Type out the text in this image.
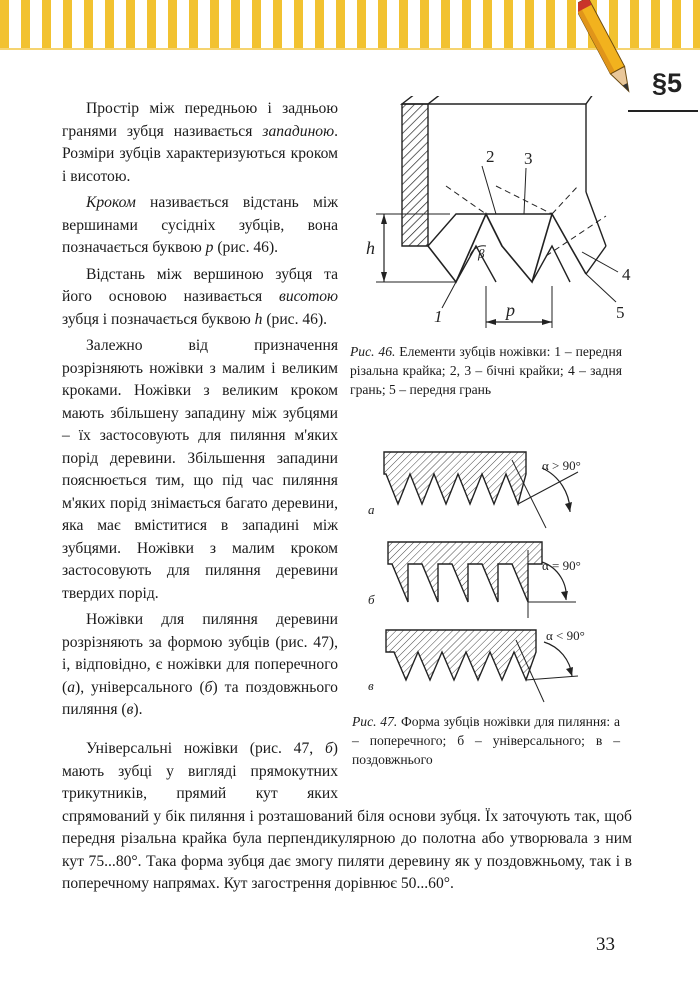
§5

Простір між передньою і задньою гранями зубця називається западиною. Розміри зубців характеризуються кроком і висотою.

Кроком називається відстань між вершинами сусідніх зубців, вона позначається буквою p (рис. 46).

Відстань між вершиною зубця та його основою називається висотою зубця і позначається буквою h (рис. 46).

Залежно від призначення розрізняють ножівки з малим і великим кроками. Ножівки з великим кроком мають збільшену западину між зубцями – їх застосовують для пиляння м'яких порід деревини. Збільшення западини пояснюється тим, що під час пиляння м'яких порід знімається багато деревини, яка має вміститися в западині між зубцями. Ножівки з малим кроком застосовують для пиляння деревини твердих порід.

Ножівки для пиляння деревини розрізняють за формою зубців (рис. 47), і, відповідно, є ножівки для поперечного (а), універсального (б) та поздовжнього пиляння (в).

Універсальні ножівки (рис. 47, б) мають зубці у вигляді прямокутних трикутників, прямий кут яких спрямований у бік пиляння і розташований біля основи зубця. Їх заточують так, щоб передня різальна крайка була перпендикулярною до полотна або утворювала з ним кут 75...80°. Така форма зубця дає змогу пиляти деревину як у поздовжньому, так і в поперечному напрямах. Кут загострення дорівнює 50...60°.
h
p
β
1
2 3
4
5
Рис. 46. Елементи зубців ножівки: 1 – передня різальна крайка; 2, 3 – бічні крайки; 4 – задня грань; 5 – передня грань
α > 90°
а
α = 90°
б
α < 90°
в
Рис. 47. Форма зубців ножівки для пиляння: а – поперечного; б – універсального; в – поздовжнього
33
